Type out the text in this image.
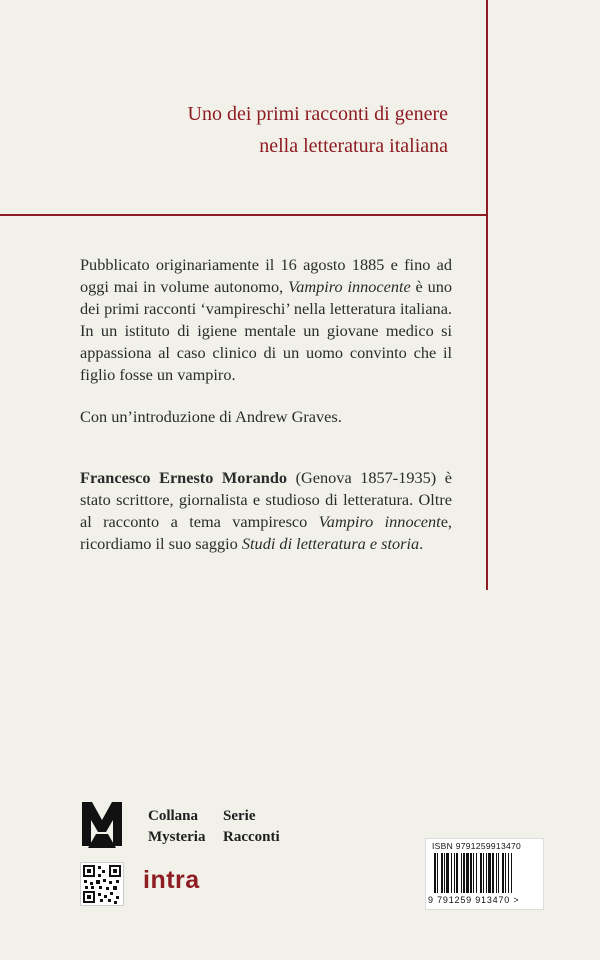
Uno dei primi racconti di genere
nella letteratura italiana

Pubblicato originariamente il 16 agosto 1885 e fino ad oggi mai in volume autonomo, Vampiro innocente è uno dei primi racconti ‘vampireschi’ nella letteratura italiana. In un istituto di igiene mentale un giovane medico si appassiona al caso clinico di un uomo convinto che il figlio fosse un vampiro.

Con un’introduzione di Andrew Graves.

Francesco Ernesto Morando (Genova 1857-1935) è stato scrittore, giornalista e studioso di letteratura. Oltre al racconto a tema vampiresco Vampiro innocente, ricordiamo il suo saggio Studi di letteratura e storia.

Collana
Mysteria
Serie
Racconti
intra
ISBN 9791259913470
9 791259 913470 >
